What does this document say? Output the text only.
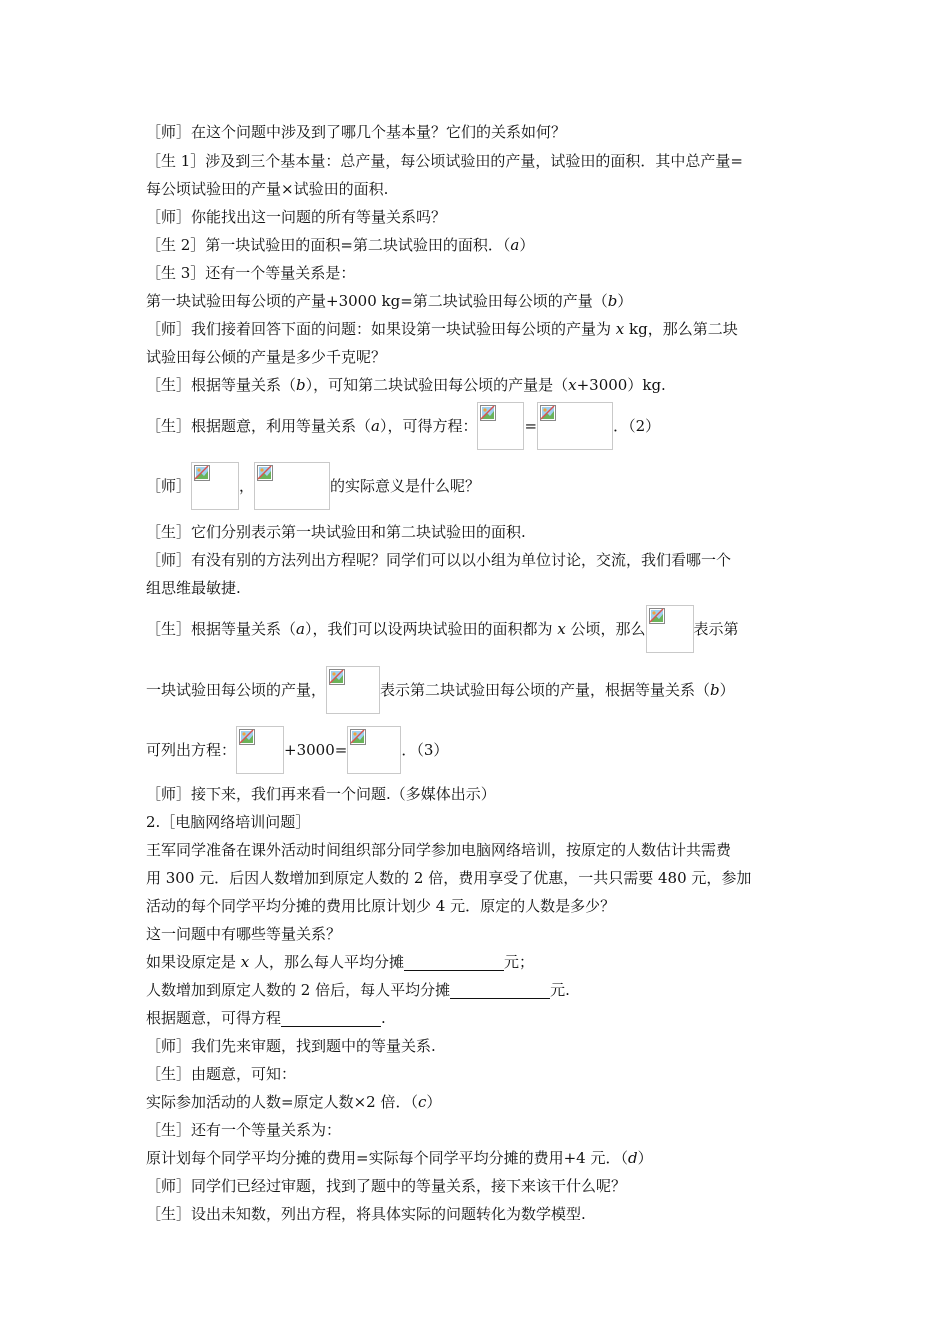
［师］在这个问题中涉及到了哪几个基本量？它们的关系如何？
［生 1］涉及到三个基本量：总产量，每公顷试验田的产量，试验田的面积．其中总产量=
每公顷试验田的产量×试验田的面积.
［师］你能找出这一问题的所有等量关系吗？
［生 2］第一块试验田的面积=第二块试验田的面积．（ a ）
［生 3］还有一个等量关系是：
第一块试验田每公顷的产量+3000 kg=第二块试验田每公顷的产量（ b ）
［师］我们接着回答下面的问题：如果设第一块试验田每公顷的产量为 x kg，那么第二块
试验田每公倾的产量是多少千克呢？
［生］根据等量关系（ b ），可知第二块试验田每公顷的产量是（ x +3000）kg.
［生］根据题意，利用等量关系（ a ），可得方程：	=	．（2）
［师］	，	的实际意义是什么呢？
［生］它们分别表示第一块试验田和第二块试验田的面积.
［师］有没有别的方法列出方程呢？同学们可以以小组为单位讨论，交流，我们看哪一个
组思维最敏捷.
［生］根据等量关系（ a ），我们可以设两块试验田的面积都为 x 公顷，那么	表示第
一块试验田每公顷的产量，	表示第二块试验田每公顷的产量，根据等量关系（ b ）
可列出方程：	+3000=	．（3）
［师］接下来，我们再来看一个问题.（多媒体出示）
2.［电脑网络培训问题］
王军同学准备在课外活动时间组织部分同学参加电脑网络培训，按原定的人数估计共需费
用 300 元．后因人数增加到原定人数的 2 倍，费用享受了优惠，一共只需要 480 元，参加
活动的每个同学平均分摊的费用比原计划少 4 元．原定的人数是多少？
这一问题中有哪些等量关系？
如果设原定是 x 人，那么每人平均分摊	元；
人数增加到原定人数的 2 倍后，每人平均分摊	元.
根据题意，可得方程	.
［师］我们先来审题，找到题中的等量关系.
［生］由题意，可知：
实际参加活动的人数=原定人数×2 倍．（ c ）
［生］还有一个等量关系为：
原计划每个同学平均分摊的费用=实际每个同学平均分摊的费用+4 元．（ d ）
［师］同学们已经过审题，找到了题中的等量关系，接下来该干什么呢？
［生］设出未知数，列出方程，将具体实际的问题转化为数学模型.
